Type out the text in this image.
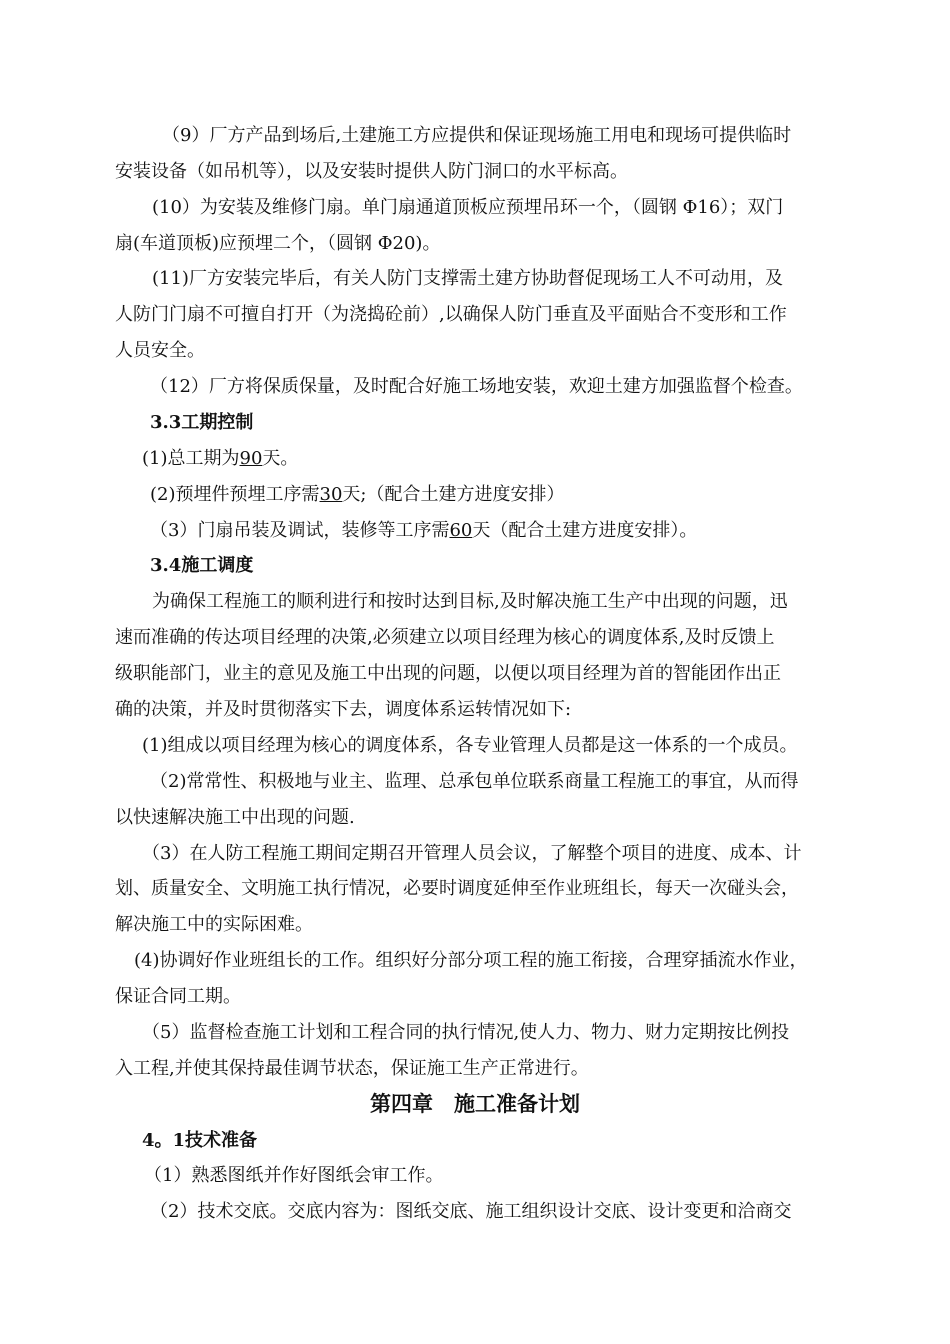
（9）厂方产品到场后,土建施工方应提供和保证现场施工用电和现场可提供临时
安装设备（如吊机等），以及安装时提供人防门洞口的水平标高。
(10）为安装及维修门扇。单门扇通道顶板应预埋吊环一个，（圆钢 Φ16）；双门
扇(车道顶板)应预埋二个，（圆钢 Φ20)。
(11)厂方安装完毕后，有关人防门支撑需土建方协助督促现场工人不可动用，及
人防门门扇不可擅自打开（为浇捣砼前）,以确保人防门垂直及平面贴合不变形和工作
人员安全。
（12）厂方将保质保量，及时配合好施工场地安装，欢迎土建方加强监督个检查。
3.3工期控制
(1)总工期为90天。
(2)预埋件预埋工序需30天;（配合土建方进度安排）
（3）门扇吊装及调试，装修等工序需60天（配合土建方进度安排）。
3.4施工调度
为确保工程施工的顺利进行和按时达到目标,及时解决施工生产中出现的问题，迅
速而准确的传达项目经理的决策,必须建立以项目经理为核心的调度体系,及时反馈上
级职能部门，业主的意见及施工中出现的问题，以便以项目经理为首的智能团作出正
确的决策，并及时贯彻落实下去，调度体系运转情况如下:
(1)组成以项目经理为核心的调度体系，各专业管理人员都是这一体系的一个成员。
（2)常常性、积极地与业主、监理、总承包单位联系商量工程施工的事宜，从而得
以快速解决施工中出现的问题.
（3）在人防工程施工期间定期召开管理人员会议，了解整个项目的进度、成本、计
划、质量安全、文明施工执行情况，必要时调度延伸至作业班组长，每天一次碰头会，
解决施工中的实际困难。
(4)协调好作业班组长的工作。组织好分部分项工程的施工衔接，合理穿插流水作业，
保证合同工期。
（5）监督检查施工计划和工程合同的执行情况,使人力、物力、财力定期按比例投
入工程,并使其保持最佳调节状态，保证施工生产正常进行。
第四章　施工准备计划
4。1技术准备
（1）熟悉图纸并作好图纸会审工作。
（2）技术交底。交底内容为：图纸交底、施工组织设计交底、设计变更和洽商交
